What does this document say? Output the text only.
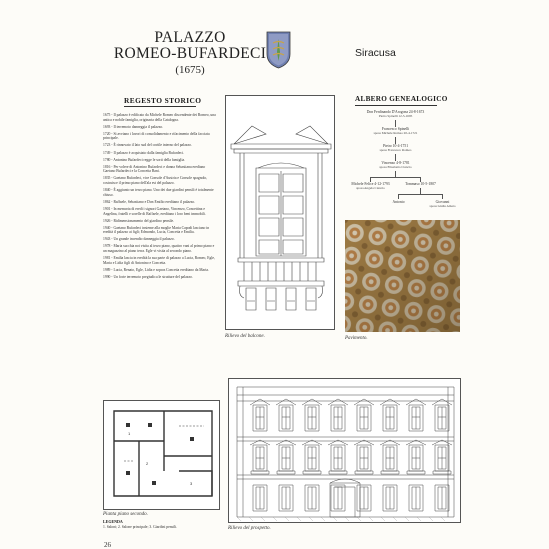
PALAZZO
ROMEO-BUFARDECI
(1675)
Siracusa
REGESTO STORICO
1675 - Il palazzo è edificato da Michele Romeo discendente dei Romeo, una antica e nobile famiglia, originaria della Catalogna.
1693 - Il terremoto danneggia il palazzo.
1720 - Si avviano i lavori di consolidamento e rifacimento della facciata principale.
1723 - È rinnovato il lato sud del cortile interno del palazzo.
1749 - Il palazzo è acquistato dalla famiglia Bufardeci.
1780 - Antonino Bufardeci regge le sorti della famiglia.
1816 - Per volere di Antonino Bufardeci e donna Sebastiana erediano Gaetano Bufardeci e la Concetta Bani.
1835 - Gaetano Bufardeci, vice Console d'Austria e Console spagnolo, costruisce il primo piano dell'ala est del palazzo.
1840 - È aggiunto un terzo piano. Uno dei due giardini pensili è totalmente chiuso.
1862 - Raffaele, Sebastiano e Don Emilio ereditano il palazzo.
1901 - In memoria di eredi i signori Gaetano, Vincenzo, Concettina e Angelina, fratelli e sorelle di Raffaele, ereditano i loro beni immobili.
1926 - Ridimensionamento del giardino pensile.
1940 - Gaetano Bufardeci insieme alla moglie Maria Capodi lasciano in eredità il palazzo ai figli; Edmondo, Lucia, Concetta e Emilia.
1943 - Un grande incendio danneggia il palazzo.
1978 - Maria succhia noi visita al terzo piano, quattro vani al primo piano e un magazzino al piano terra. Egle vi visita al secondo piano.
1981 - Emilia lascia in eredità la sua parte di palazzo a Lucia, Romeo, Egle, Maria e Lidia figli di Antonino e Concetta.
1989 - Lucia, Renato, Egle, Lidia e sopras Concetta ereditano da Maria.
1990 - Un forte terremoto pregiudica le strutture del palazzo.
Rilievo del balcone.
ALBERO GENEALOGICO
Don Ferdinando D'Arogona 24-8-1673
Pietro Spinelli 12-5-1695
Francesco Spinelli
sposa Michele Romeo 20-4-1721
Pietro 10-4-1751
sposa Francesco Romeo
Vincenzo 4-8-1781
sposa Elisabetta Ciancio
Michele Felice 4-12-1793
sposa Angela Ciancio
Tommaso 10-5-1807
Antonio	Giovanni
sposa Giulia Amato
Pavimento.
1
2
3
Pianta piano secondo.
Rilievo del prospetto.
LEGENDA
1. Saloni; 2. Salone principale; 3. Giardini pensili.
26
